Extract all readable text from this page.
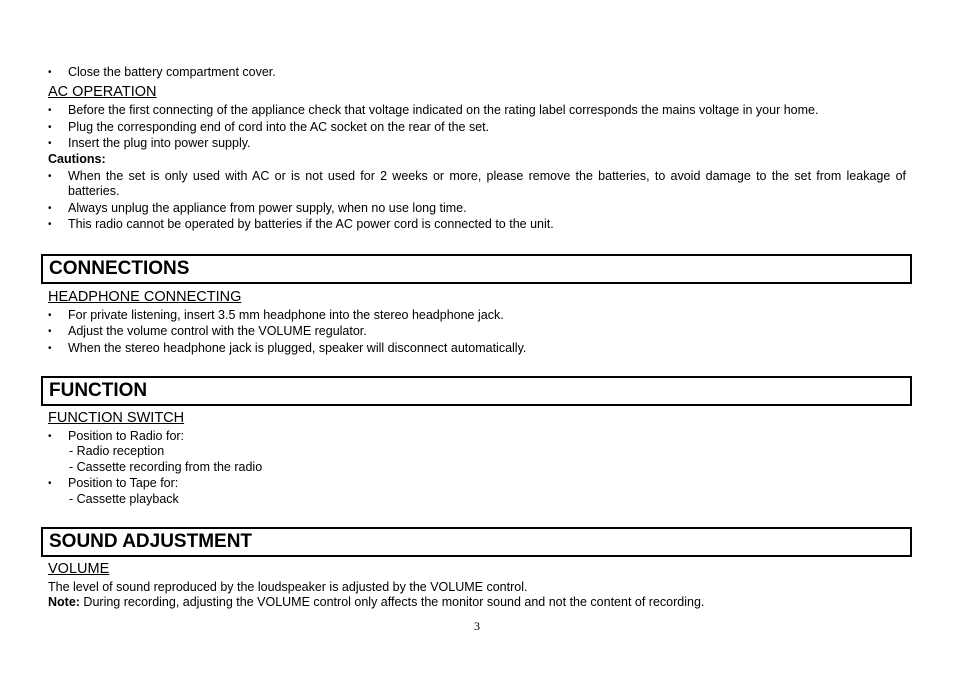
• Close the battery compartment cover.
AC OPERATION
• Before the first connecting of the appliance check that voltage indicated on the rating label corresponds the mains voltage in your home.
• Plug the corresponding end of cord into the AC socket on the rear of the set.
• Insert the plug into power supply.
Cautions:
• When the set is only used with AC or is not used for 2 weeks or more, please remove the batteries, to avoid damage to the set from leakage of batteries.
• Always unplug the appliance from power supply, when no use long time.
• This radio cannot be operated by batteries if the AC power cord is connected to the unit.
CONNECTIONS
HEADPHONE CONNECTING
• For private listening, insert 3.5 mm headphone into the stereo headphone jack.
• Adjust the volume control with the VOLUME regulator.
• When the stereo headphone jack is plugged, speaker will disconnect automatically.
FUNCTION
FUNCTION SWITCH
• Position to Radio for:
- Radio reception
- Cassette recording from the radio
• Position to Tape for:
- Cassette playback
SOUND ADJUSTMENT
VOLUME
The level of sound reproduced by the loudspeaker is adjusted by the VOLUME control.
Note: During recording, adjusting the VOLUME control only affects the monitor sound and not the content of recording.
3
